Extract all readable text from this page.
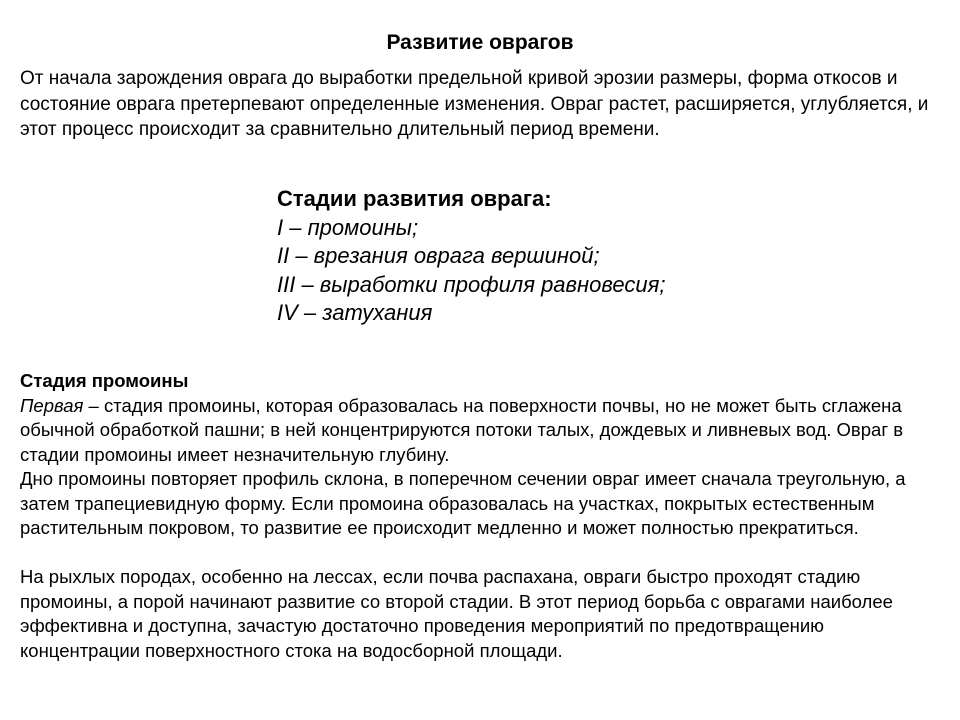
Развитие оврагов

От начала зарождения оврага до выработки предельной кривой эрозии размеры, форма откосов и состояние оврага претерпевают определенные изменения. Овраг растет, расширяется, углубляется, и этот процесс происходит за сравнительно длительный период времени.

Стадии развития оврага:

I – промоины;
II – врезания оврага вершиной;
III – выработки профиля равновесия;
IV – затухания

Стадия промоины

Первая – стадия промоины, которая образовалась на поверхности почвы, но не может быть сглажена обычной обработкой пашни; в ней концентрируются потоки талых, дождевых и ливневых вод. Овраг в стадии промоины имеет незначительную глубину.

Дно промоины повторяет профиль склона, в поперечном сечении овраг имеет сначала треугольную, а затем трапециевидную форму. Если промоина образовалась на участках, покрытых естественным растительным покровом, то развитие ее происходит медленно и может полностью прекратиться.

На рыхлых породах, особенно на лессах, если почва распахана, овраги быстро проходят стадию промоины, а порой начинают развитие со второй стадии. В этот период борьба с оврагами наиболее эффективна и доступна, зачастую достаточно проведения мероприятий по предотвращению концентрации поверхностного стока на водосборной площади.
